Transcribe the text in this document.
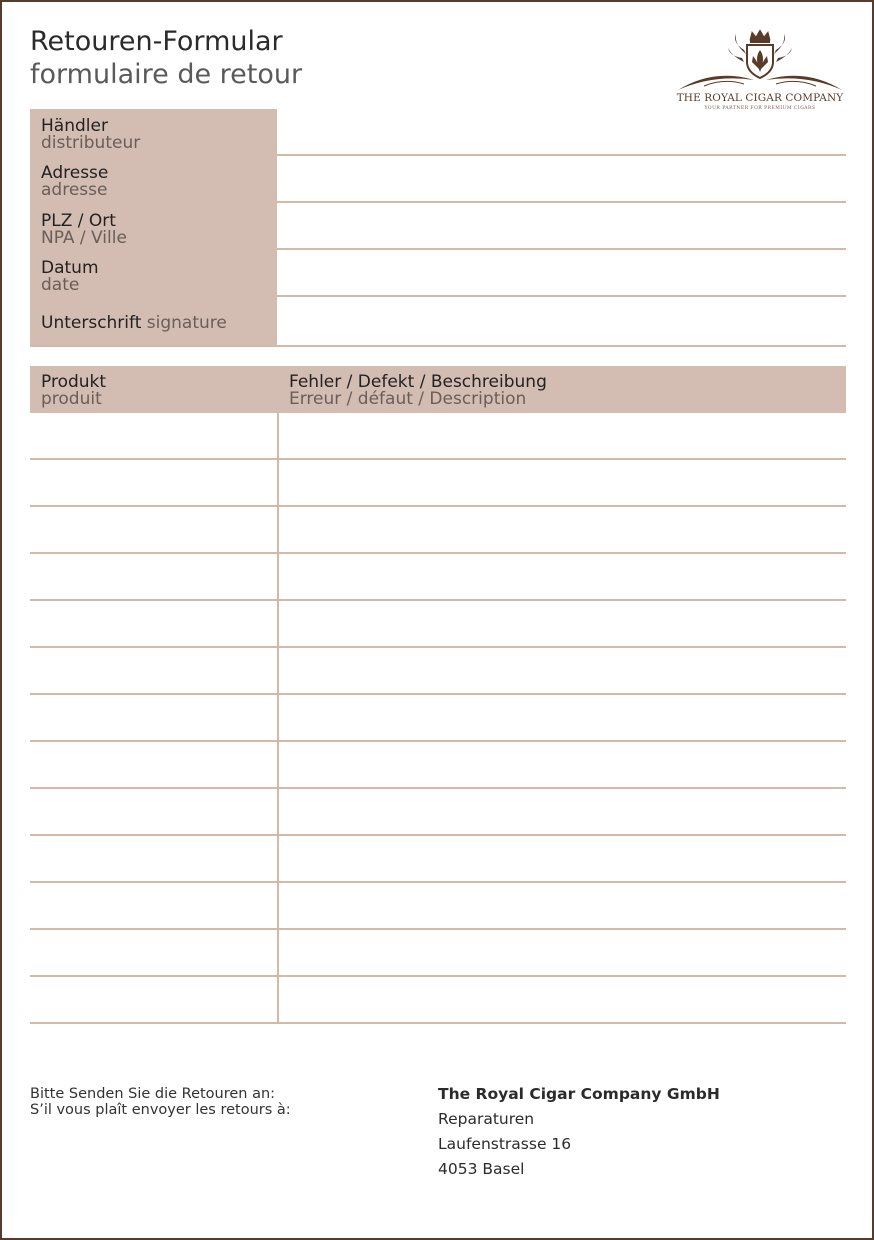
Retouren-Formular
formulaire de retour
THE ROYAL CIGAR COMPANY
YOUR PARTNER FOR PREMIUM CIGARS
Händler
distributeur
Adresse
adresse
PLZ / Ort
NPA / Ville
Datum
date
Unterschrift signature
Produkt
produit
Fehler / Defekt / Beschreibung
Erreur / défaut / Description
Bitte Senden Sie die Retouren an:
S’il vous plaît envoyer les retours à:
The Royal Cigar Company GmbH
Reparaturen
Laufenstrasse 16
4053 Basel
